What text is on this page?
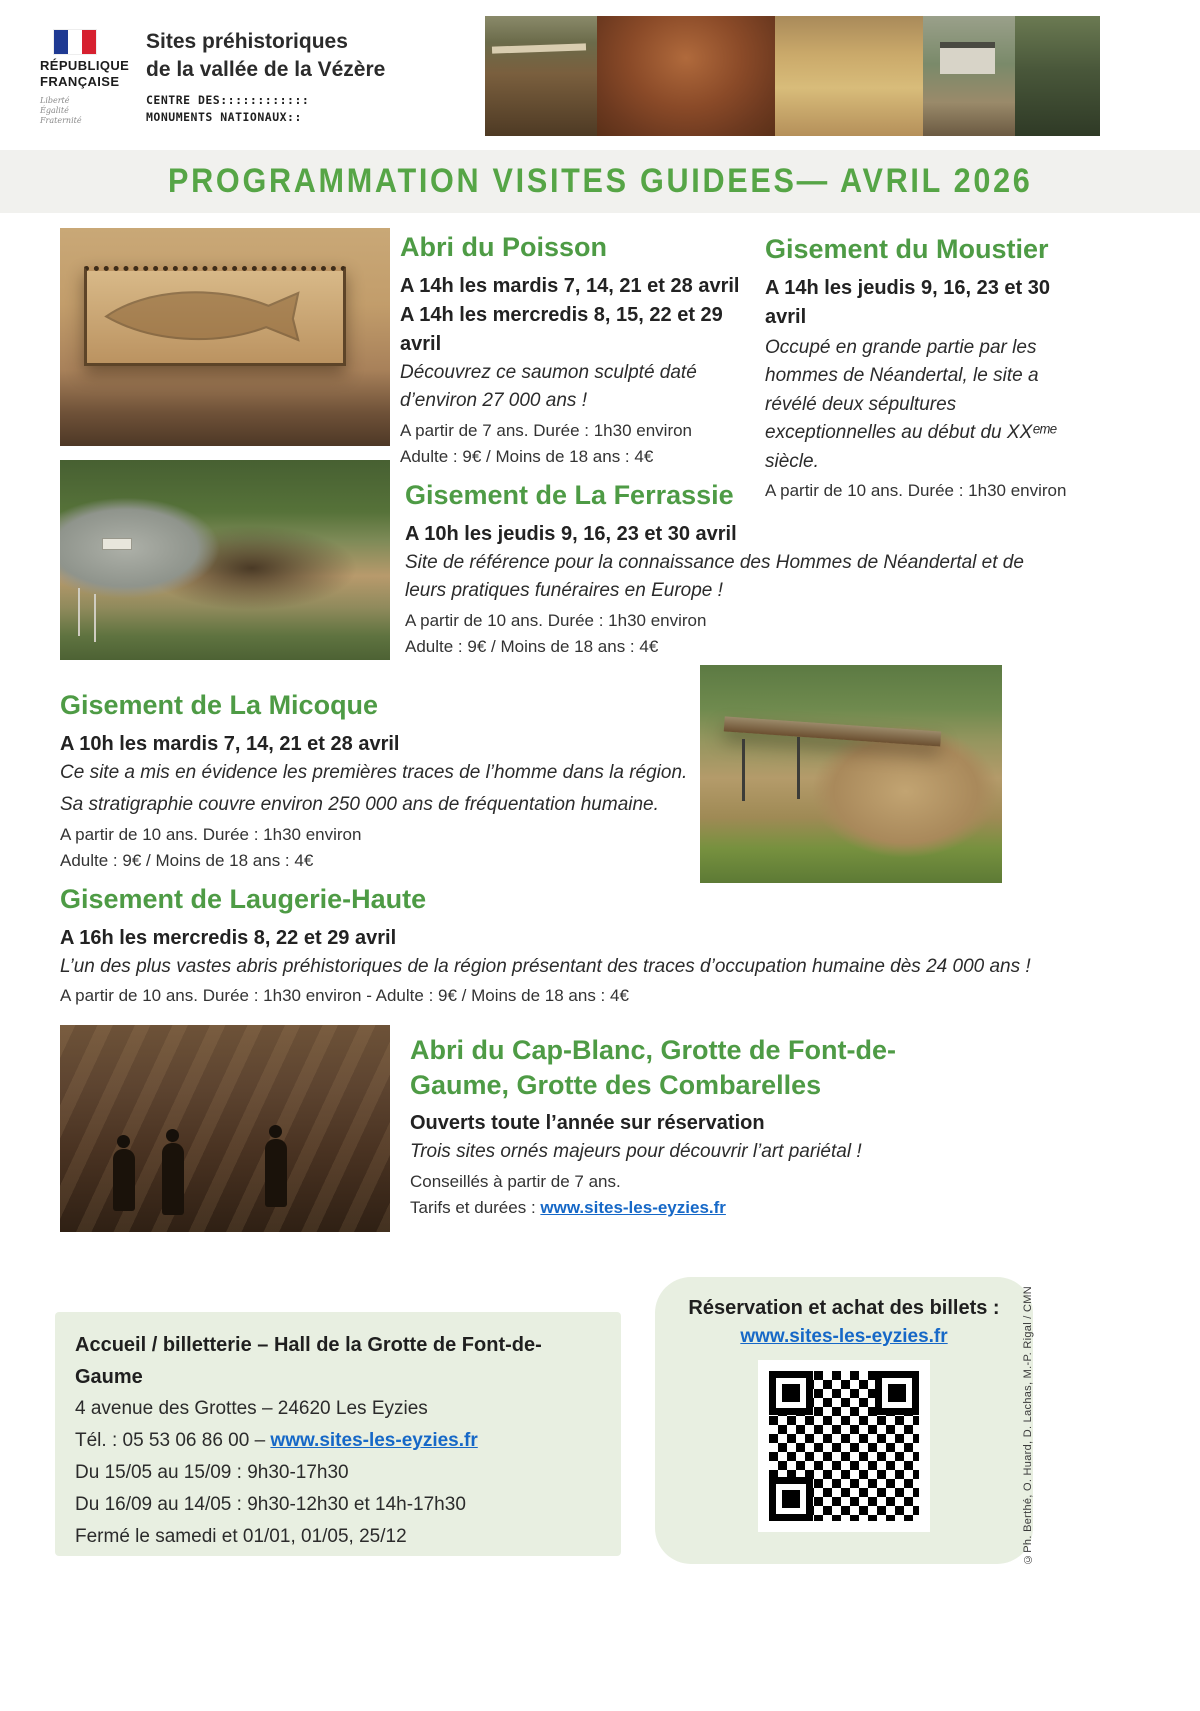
RÉPUBLIQUE
FRANÇAISE
Liberté
Égalité
Fraternité
Sites préhistoriques
de la vallée de la Vézère
CENTRE DES::::::::::::
MONUMENTS NATIONAUX::
PROGRAMMATION VISITES GUIDEES— AVRIL 2026
Abri du Poisson
A 14h les mardis 7, 14, 21 et 28 avril
A 14h les mercredis 8, 15, 22 et 29 avril
Découvrez ce saumon sculpté daté d’environ 27 000 ans !
A partir de 7 ans. Durée : 1h30 environ
Adulte : 9€ / Moins de 18 ans : 4€
Gisement du Moustier
A 14h les jeudis 9, 16, 23 et 30 avril
Occupé en grande partie par les hommes de Néandertal, le site a révélé deux sépultures exceptionnelles au début du XXᵉᵐᵉ siècle.
A partir de 10 ans. Durée : 1h30 environ
Gisement de La Ferrassie
A 10h les jeudis 9, 16, 23 et 30 avril
Site de référence pour la connaissance des Hommes de Néandertal et de leurs pratiques funéraires en Europe !
A partir de 10 ans. Durée : 1h30 environ
Adulte : 9€ / Moins de 18 ans : 4€
Gisement de La Micoque
A 10h les mardis 7, 14, 21 et 28 avril
Ce site a mis en évidence les premières traces de l’homme dans la région.
Sa stratigraphie couvre environ 250 000 ans de fréquentation humaine.
A partir de 10 ans. Durée : 1h30 environ
Adulte : 9€ / Moins de 18 ans : 4€
Gisement de Laugerie-Haute
A 16h les mercredis 8, 22 et 29 avril
L’un des plus vastes abris préhistoriques de la région présentant des traces d’occupation humaine dès 24 000 ans !
A partir de 10 ans. Durée : 1h30 environ - Adulte : 9€ / Moins de 18 ans : 4€
Abri du Cap-Blanc, Grotte de Font-de-Gaume, Grotte des Combarelles
Ouverts toute l’année sur réservation
Trois sites ornés majeurs pour découvrir l’art pariétal !
Conseillés à partir de 7 ans.
Tarifs et durées : www.sites-les-eyzies.fr
Accueil / billetterie – Hall de la Grotte de Font-de-Gaume
4 avenue des Grottes – 24620 Les Eyzies
Tél. : 05 53 06 86 00 – www.sites-les-eyzies.fr
Du 15/05 au 15/09 : 9h30-17h30
Du 16/09 au 14/05 : 9h30-12h30 et 14h-17h30
Fermé le samedi et 01/01, 01/05, 25/12
Réservation et achat des billets :
www.sites-les-eyzies.fr	©Ph. Berthé, O. Huard, D. Lachas, M.-P. Rigal / CMN
